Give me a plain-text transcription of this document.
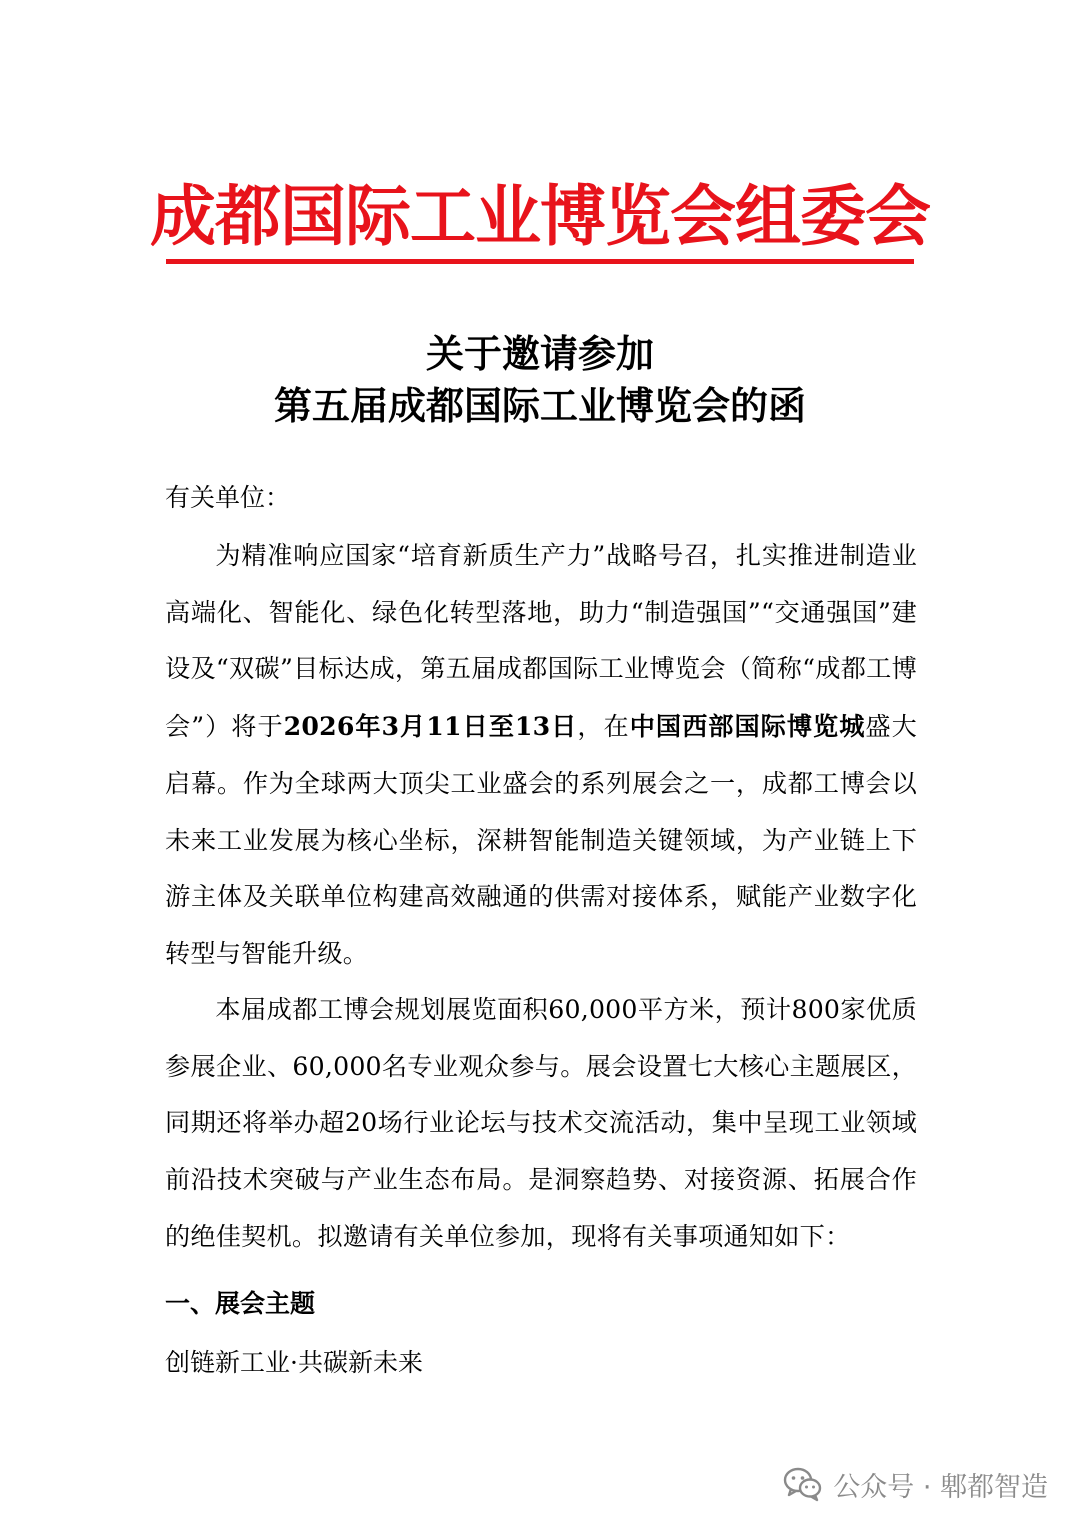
成都国际工业博览会组委会
关于邀请参加
第五届成都国际工业博览会的函
有关单位：
为精准响应国家“培育新质生产力”战略号召，扎实推进制造业高端化、智能化、绿色化转型落地，助力“制造强国”“交通强国”建设及“双碳”目标达成，第五届成都国际工业博览会（简称“成都工博会”）将于2026年3月11日至13日，在中国西部国际博览城盛大启幕。作为全球两大顶尖工业盛会的系列展会之一，成都工博会以未来工业发展为核心坐标，深耕智能制造关键领域，为产业链上下游主体及关联单位构建高效融通的供需对接体系，赋能产业数字化转型与智能升级。
本届成都工博会规划展览面积60,000平方米，预计800家优质参展企业、60,000名专业观众参与。展会设置七大核心主题展区，同期还将举办超20场行业论坛与技术交流活动，集中呈现工业领域前沿技术突破与产业生态布局。是洞察趋势、对接资源、拓展合作的绝佳契机。拟邀请有关单位参加，现将有关事项通知如下：
一、展会主题
创链新工业·共碳新未来
公众号 · 郫都智造
